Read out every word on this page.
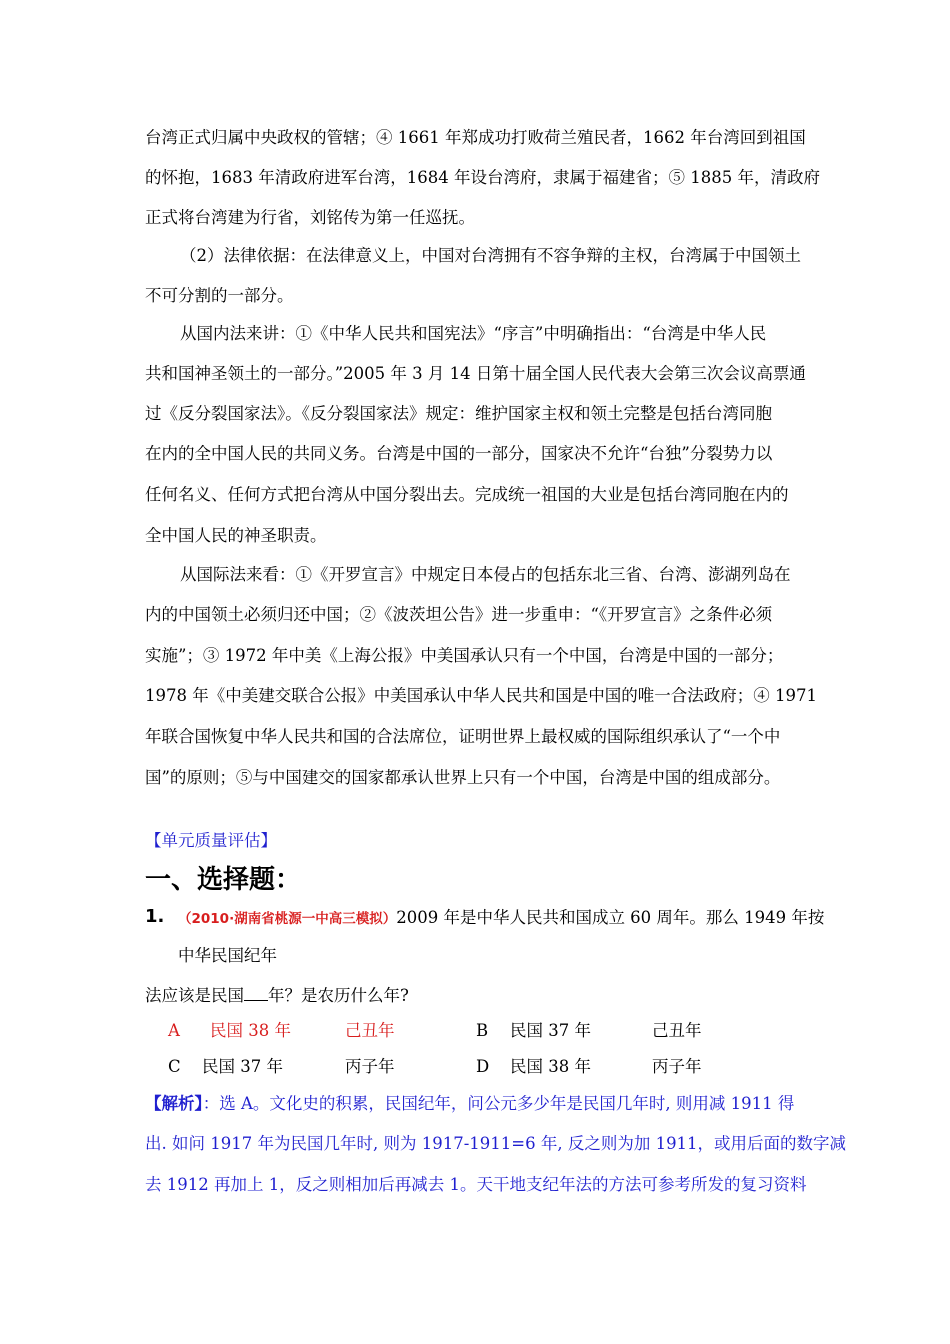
台湾正式归属中央政权的管辖；④ 1661 年郑成功打败荷兰殖民者，1662 年台湾回到祖国
的怀抱，1683 年清政府进军台湾，1684 年设台湾府，隶属于福建省；⑤ 1885 年，清政府
正式将台湾建为行省，刘铭传为第一任巡抚。
（2）法律依据：在法律意义上，中国对台湾拥有不容争辩的主权，台湾属于中国领土
不可分割的一部分。
从国内法来讲：①《中华人民共和国宪法》“序言”中明确指出：“台湾是中华人民
共和国神圣领土的一部分。”2005 年 3 月 14 日第十届全国人民代表大会第三次会议高票通
过《反分裂国家法》。《反分裂国家法》规定：维护国家主权和领土完整是包括台湾同胞
在内的全中国人民的共同义务。台湾是中国的一部分，国家决不允许“台独”分裂势力以
任何名义、任何方式把台湾从中国分裂出去。完成统一祖国的大业是包括台湾同胞在内的
全中国人民的神圣职责。
从国际法来看：①《开罗宣言》中规定日本侵占的包括东北三省、台湾、澎湖列岛在
内的中国领土必须归还中国；②《波茨坦公告》进一步重申：“《开罗宣言》之条件必须
实施”；③ 1972 年中美《上海公报》中美国承认只有一个中国，台湾是中国的一部分；
1978 年《中美建交联合公报》中美国承认中华人民共和国是中国的唯一合法政府；④ 1971
年联合国恢复中华人民共和国的合法席位，证明世界上最权威的国际组织承认了“一个中
国”的原则；⑤与中国建交的国家都承认世界上只有一个中国，台湾是中国的组成部分。
【单元质量评估】
一、选择题：
1. （2010·湖南省桃源一中高三模拟）2009 年是中华人民共和国成立 60 周年。那么 1949 年按
中华民国纪年
法应该是民国 年？是农历什么年?
A 民国 38 年	己丑年	B 民国 37 年	己丑年
C 民国 37 年	丙子年	D 民国 38 年	丙子年
【解析】：选 A。文化史的积累，民国纪年，问公元多少年是民国几年时, 则用减 1911 得
出. 如问 1917 年为民国几年时, 则为 1917-1911=6 年, 反之则为加 1911，或用后面的数字减
去 1912 再加上 1，反之则相加后再减去 1。天干地支纪年法的方法可参考所发的复习资料
